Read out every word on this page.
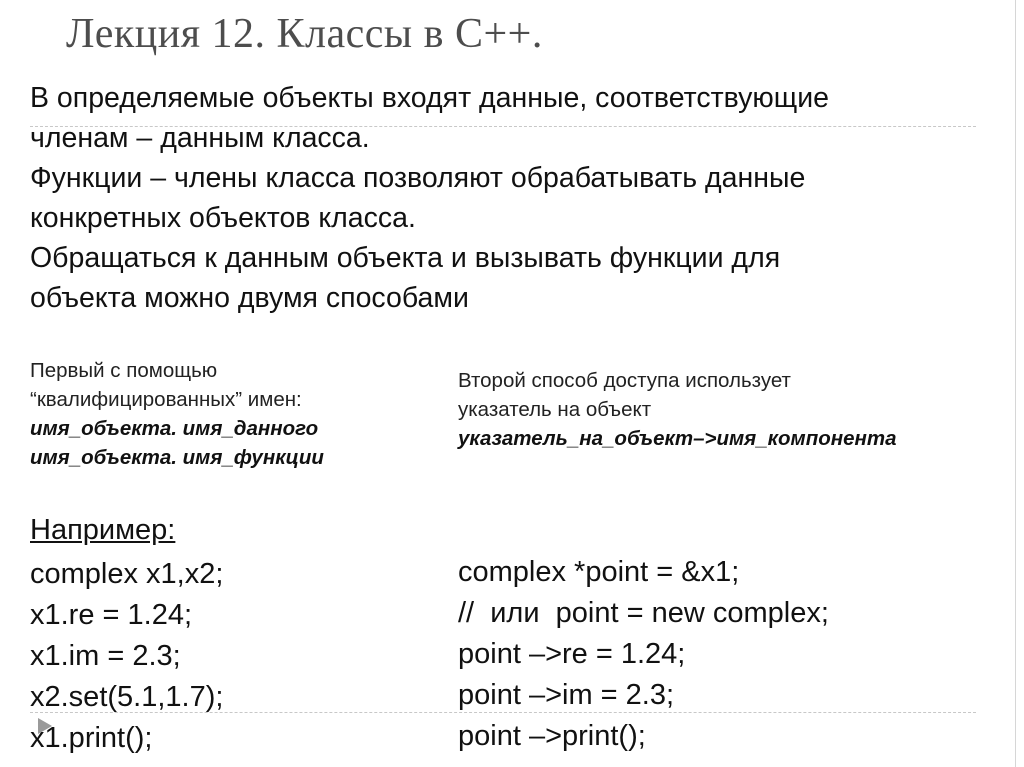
Лекция 12. Классы в С++.

В определяемые объекты входят данные, соответствующие

членам – данным класса.

Функции – члены класса позволяют обрабатывать данные

конкретных объектов класса.

Обращаться к данным объекта и вызывать функции для

объекта можно двумя способами

Первый с помощью
“квалифицированных” имен:
имя_объекта. имя_данного
имя_объекта. имя_функции
Второй способ доступа использует
указатель на объект
указатель_на_объект–>имя_компонента
Например:
complex x1,x2;
x1.re = 1.24;
x1.im = 2.3;
x2.set(5.1,1.7);
x1.print();
complex *point = &x1;
//  или  point = new complex;
point –>re = 1.24;
point –>im = 2.3;
point –>print();
